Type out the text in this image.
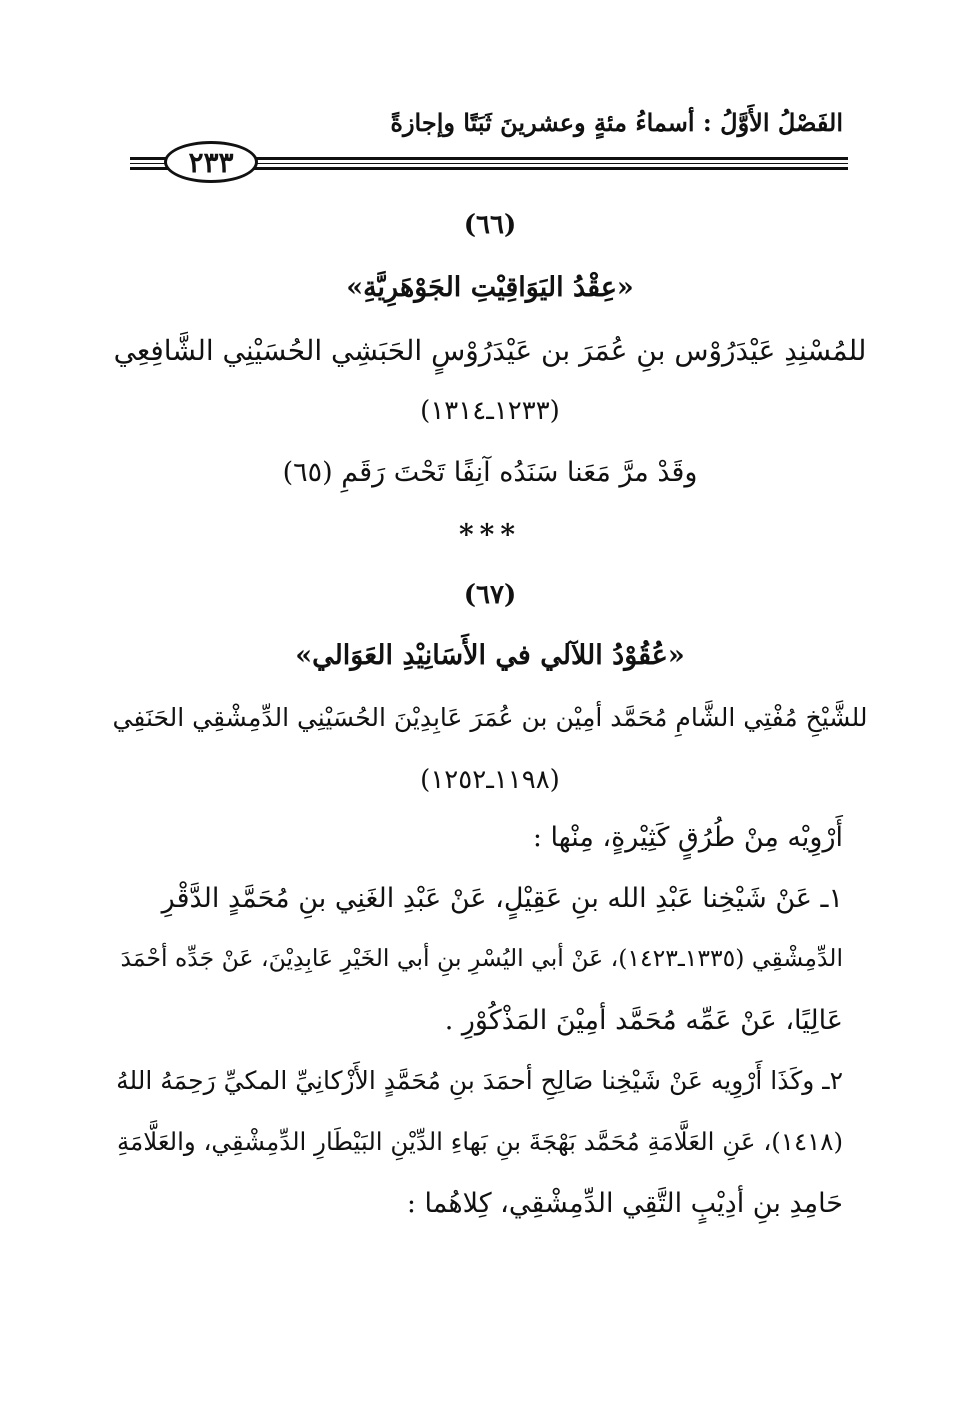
الفَصْلُ الأَوَّلُ : أسماءُ مئةٍ وعشرينَ ثَبَتًا وإجازةً
٢٣٣
(٦٦)
«عِقْدُ اليَوَاقِيْتِ الجَوْهَرِيَّةِ»
للمُسْنِدِ عَيْدَرُوْس بنِ عُمَرَ بن عَيْدَرُوْسٍ الحَبَشِي الحُسَيْنِي الشَّافِعِي
(١٢٣٣ـ١٣١٤)
وقَدْ مرَّ مَعَنا سَنَدُه آنِفًا تَحْتَ رَقَمِ (٦٥)
***
(٦٧)
«عُقُوْدُ اللآلي في الأَسَانِيْدِ العَوَالي»
للشَّيْخِ مُفْتِي الشَّامِ مُحَمَّد أمِيْن بن عُمَرَ عَابِدِيْنَ الحُسَيْنِي الدِّمِشْقِي الحَنَفِي
(١١٩٨ـ١٢٥٢)
أَرْوِيْه مِنْ طُرُقٍ كَثِيْرةٍ، مِنْها :
١ـ عَنْ شَيْخِنا عَبْدِ الله بنِ عَقِيْلٍ، عَنْ عَبْدِ الغَنِي بنِ مُحَمَّدٍ الدَّقْرِ
الدِّمِشْقِي (١٣٣٥ـ١٤٢٣)، عَنْ أبي اليُسْرِ بنِ أبي الخَيْرِ عَابِدِيْنَ، عَنْ جَدِّه أحْمَدَ
عَالِيًا، عَنْ عَمِّه مُحَمَّد أمِيْنَ المَذْكُوْرِ .
٢ـ وكَذَا أَرْوِيه عَنْ شَيْخِنا صَالِحِ أحمَدَ بنِ مُحَمَّدٍ الأَزْكانِيِّ المكيِّ رَحِمَهُ اللهُ
(١٤١٨)، عَنِ العَلَّامَةِ مُحَمَّد بَهْجَةَ بنِ بَهاءِ الدِّيْنِ البَيْطَارِ الدِّمِشْقِي، والعَلَّامَةِ
حَامِدِ بنِ أدِيْبٍ التَّقِي الدِّمِشْقِي، كِلاهُما :
